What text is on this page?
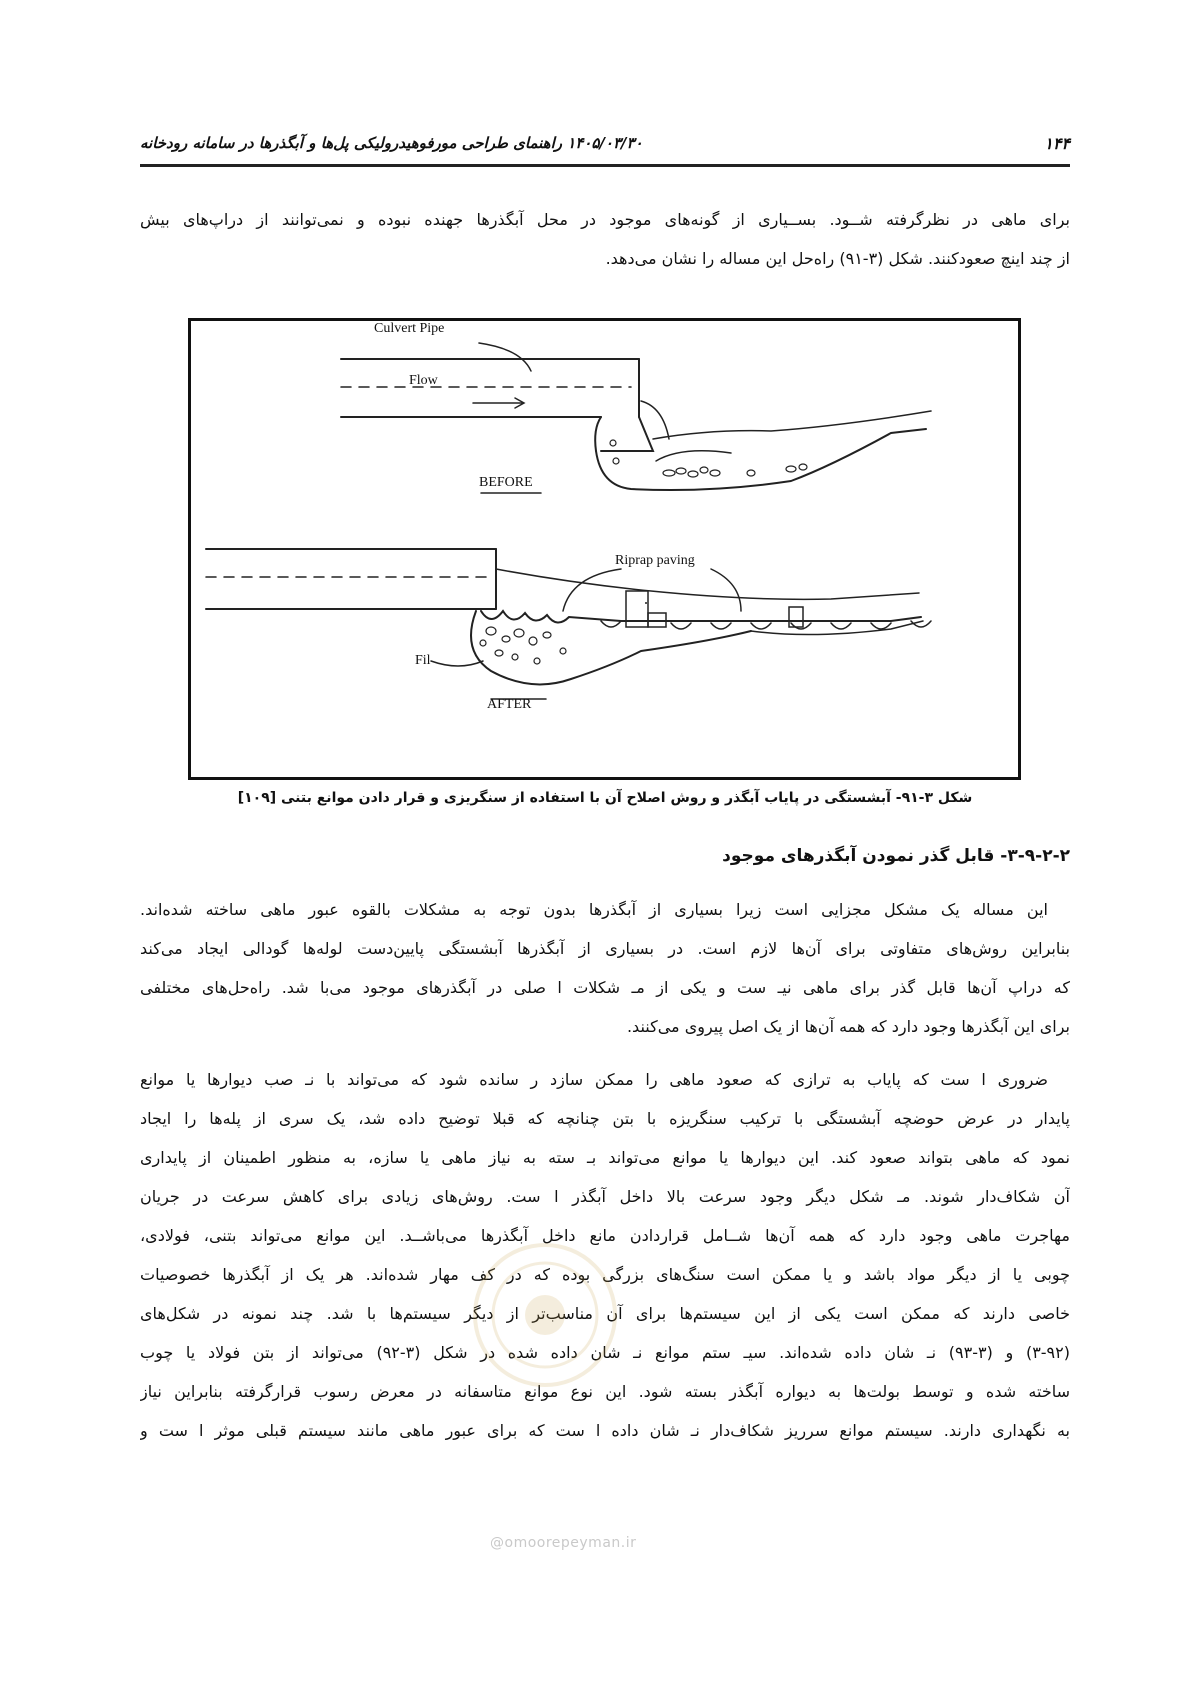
۱۴۴
۱۴۰۵/۰۳/۳۰ راهنمای طراحی مورفوهیدرولیکی پل‌ها و آبگذرها در سامانه رودخانه
برای ماهی در نظرگرفته شــود. بســیاری از گونه‌های موجود در محل آبگذرها جهنده نبوده و نمی‌توانند از دراپ‌های بیش
از چند اینچ صعودکنند. شکل (۳-۹۱) راه‌حل این مساله را نشان می‌دهد.
Culvert Pipe
Flow
BEFORE
Riprap paving
Fil
AFTER
شکل ۳-۹۱- آبشستگی در پایاب آبگذر و روش اصلاح آن با استفاده از سنگریزی و قرار دادن موانع بتنی [۱۰۹]
۳-۹-۲-۲- قابل گذر نمودن آبگذرهای موجود
این مساله یک مشکل مجزایی است زیرا بسیاری از آبگذرها بدون توجه به مشکلات بالقوه عبور ماهی ساخته شده‌اند.
بنابراین روش‌های متفاوتی برای آن‌ها لازم است. در بسیاری از آبگذرها آبشستگی پایین‌دست لوله‌ها گودالی ایجاد می‌کند
که دراپ آن‌ها قابل گذر برای ماهی نیـ ست و یکی از مـ شکلات ا صلی در آبگذرهای موجود می‌با شد. راه‌حل‌های مختلفی
برای این آبگذرها وجود دارد که همه آن‌ها از یک اصل پیروی می‌کنند.
ضروری ا ست که پایاب به ترازی که صعود ماهی را ممکن سازد ر سانده شود که می‌تواند با نـ صب دیوارها یا موانع
پایدار در عرض حوضچه آبشستگی با ترکیب سنگریزه با بتن چنانچه که قبلا توضیح داده شد، یک سری از پله‌ها را ایجاد
نمود که ماهی بتواند صعود کند. این دیوارها یا موانع می‌تواند بـ سته به نیاز ماهی یا سازه، به منظور اطمینان از پایداری
آن شکاف‌دار شوند. مـ شکل دیگر وجود سرعت بالا داخل آبگذر ا ست. روش‌های زیادی برای کاهش سرعت در جریان
مهاجرت ماهی وجود دارد که همه آن‌ها شــامل قراردادن مانع داخل آبگذرها می‌باشــد. این موانع می‌تواند بتنی، فولادی،
چوبی یا از دیگر مواد باشد و یا ممکن است سنگ‌های بزرگی بوده که در کف مهار شده‌اند. هر یک از آبگذرها خصوصیات
خاصی دارند که ممکن است یکی از این سیستم‌ها برای آن مناسب‌تر از دیگر سیستم‌ها با شد. چند نمونه در شکل‌های
(۳-۹۲) و (۳-۹۳) نـ شان داده شده‌اند. سیـ ستم موانع نـ شان داده شده در شکل (۳-۹۲) می‌تواند از بتن فولاد یا چوب
ساخته شده و توسط بولت‌ها به دیواره آبگذر بسته شود. این نوع موانع متاسفانه در معرض رسوب قرارگرفته بنابراین نیاز
به نگهداری دارند. سیستم موانع سرریز شکاف‌دار نـ شان داده ا ست که برای عبور ماهی مانند سیستم قبلی موثر ا ست و
@omoorepeyman.ir
